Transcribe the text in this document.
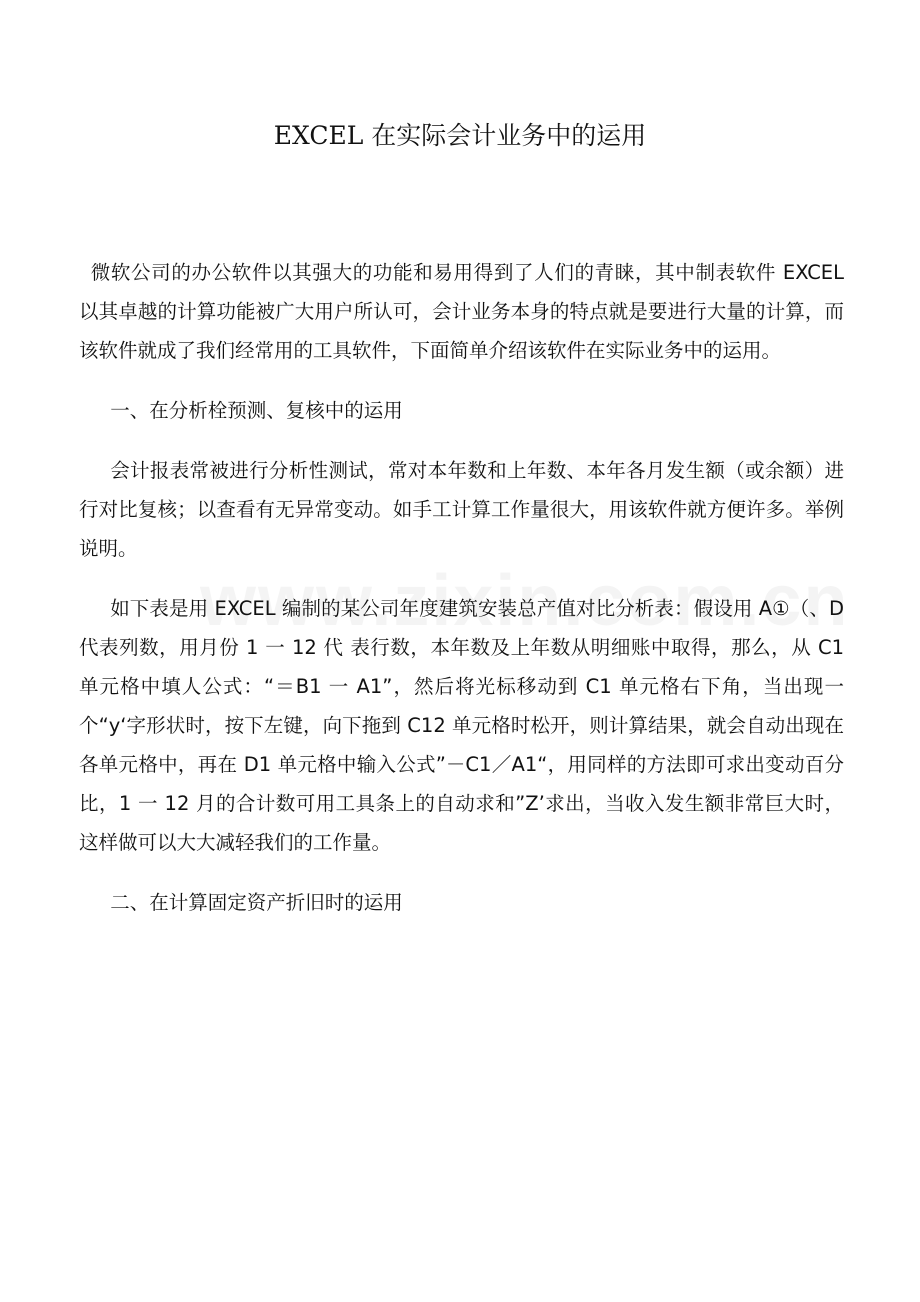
EXCEL 在实际会计业务中的运用

微软公司的办公软件以其强大的功能和易用得到了人们的青睐，其中制表软件 EXCEL 以其卓越的计算功能被广大用户所认可，会计业务本身的特点就是要进行大量的计算，而该软件就成了我们经常用的工具软件，下面简单介绍该软件在实际业务中的运用。

一、在分析栓预测、复核中的运用

会计报表常被进行分析性测试，常对本年数和上年数、本年各月发生额（或余额）进行对比复核；以查看有无异常变动。如手工计算工作量很大，用该软件就方便许多。举例说明。

如下表是用 EXCEL 编制的某公司年度建筑安装总产值对比分析表：假设用 A①（、D 代表列数，用月份 1 一 12 代 表行数，本年数及上年数从明细账中取得，那么，从 C1 单元格中填人公式：“＝B1 一 A1”，然后将光标移动到 C1 单元格右下角，当出现一个“y‘字形状时，按下左键，向下拖到 C12 单元格时松开，则计算结果，就会自动出现在各单元格中，再在 D1 单元格中输入公式”－C1／A1“，用同样的方法即可求出变动百分比，1 一 12 月的合计数可用工具条上的自动求和”Z’求出，当收入发生额非常巨大时，这样做可以大大减轻我们的工作量。

二、在计算固定资产折旧时的运用
